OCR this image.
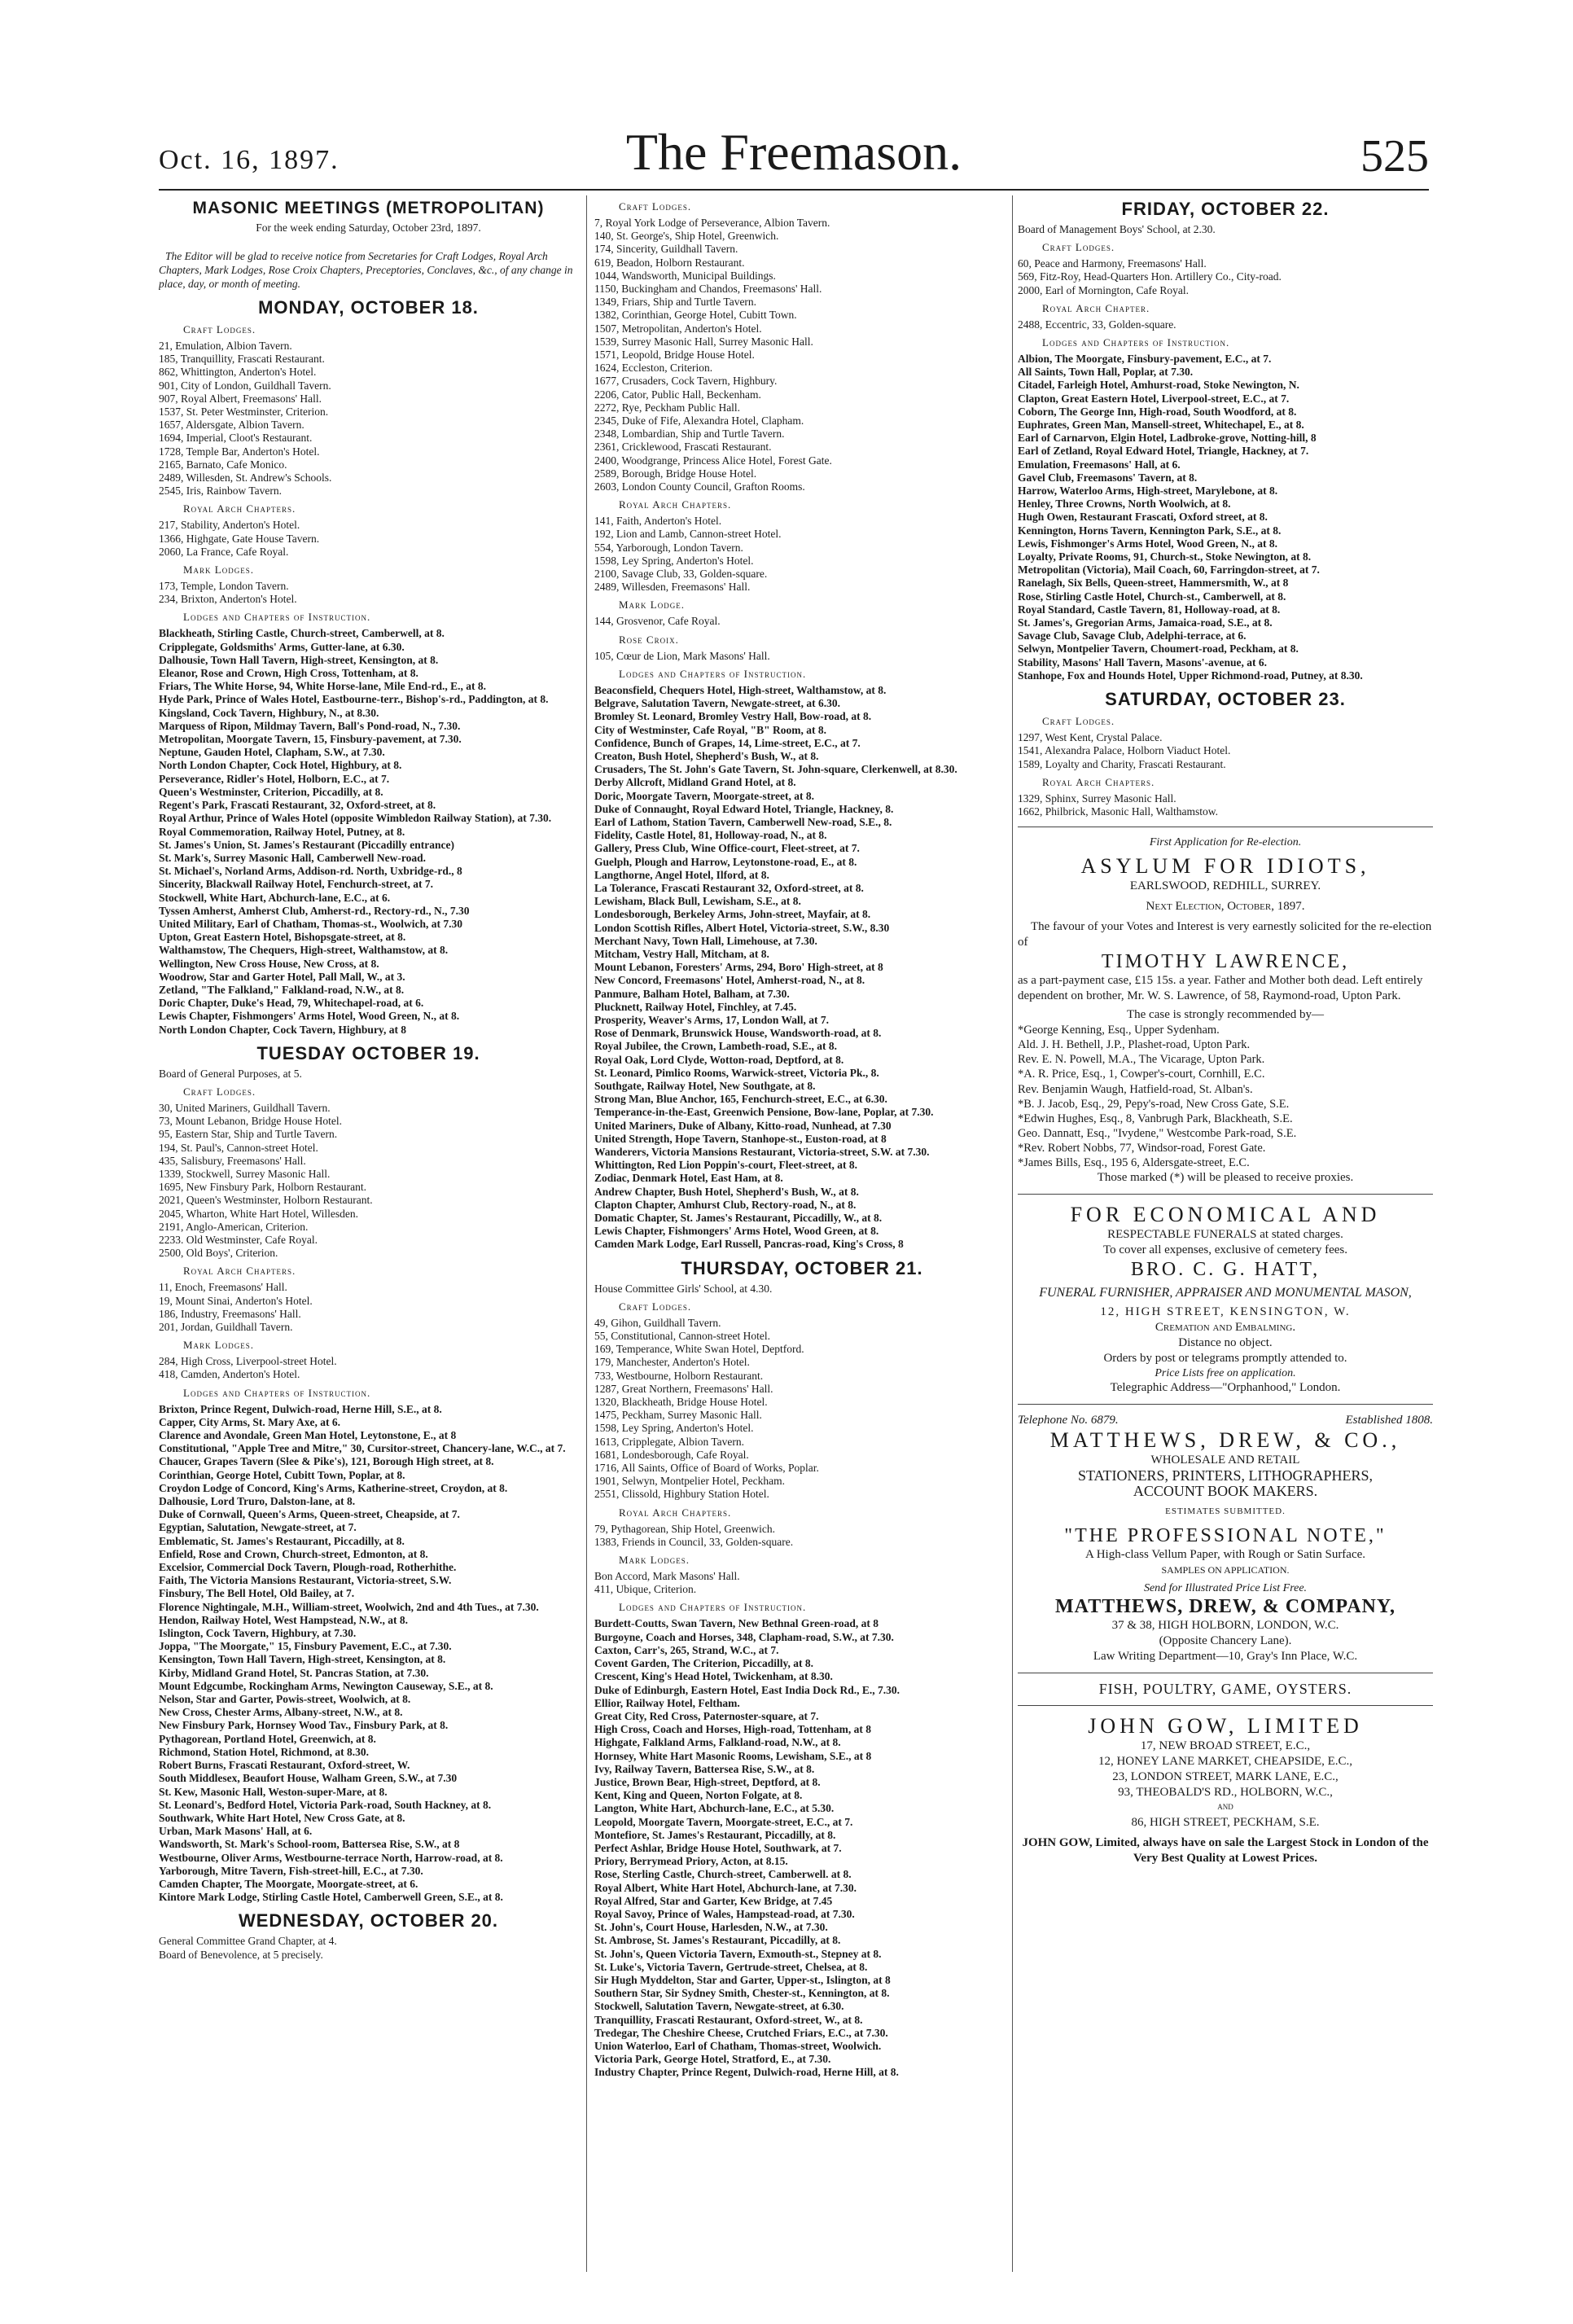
Oct. 16, 1897.	The Freemason.	525
MASONIC MEETINGS (METROPOLITAN)
For the week ending Saturday, October 23rd, 1897.
The Editor will be glad to receive notice from Secretaries for Craft Lodges, Royal Arch Chapters, Mark Lodges, Rose Croix Chapters, Preceptories, Conclaves, &c., of any change in place, day, or month of meeting.
MONDAY, OCTOBER 18.
Craft Lodges.
21, Emulation, Albion Tavern.
185, Tranquillity, Frascati Restaurant.
862, Whittington, Anderton's Hotel.
901, City of London, Guildhall Tavern.
907, Royal Albert, Freemasons' Hall.
1537, St. Peter Westminster, Criterion.
1657, Aldersgate, Albion Tavern.
1694, Imperial, Cloot's Restaurant.
1728, Temple Bar, Anderton's Hotel.
2165, Barnato, Cafe Monico.
2489, Willesden, St. Andrew's Schools.
2545, Iris, Rainbow Tavern.
Royal Arch Chapters.
217, Stability, Anderton's Hotel.
1366, Highgate, Gate House Tavern.
2060, La France, Cafe Royal.
Mark Lodges.
173, Temple, London Tavern.
234, Brixton, Anderton's Hotel.
Lodges and Chapters of Instruction.
Blackheath, Stirling Castle, Church-street, Camberwell, at 8.
Cripplegate, Goldsmiths' Arms, Gutter-lane, at 6.30.
Dalhousie, Town Hall Tavern, High-street, Kensington, at 8.
Eleanor, Rose and Crown, High Cross, Tottenham, at 8.
Friars, The White Horse, 94, White Horse-lane, Mile End-rd., E., at 8.
Hyde Park, Prince of Wales Hotel, Eastbourne-terr., Bishop's-rd., Paddington, at 8.
Kingsland, Cock Tavern, Highbury, N., at 8.30.
Marquess of Ripon, Mildmay Tavern, Ball's Pond-road, N., 7.30.
Metropolitan, Moorgate Tavern, 15, Finsbury-pavement, at 7.30.
Neptune, Gauden Hotel, Clapham, S.W., at 7.30.
North London Chapter, Cock Hotel, Highbury, at 8.
Perseverance, Ridler's Hotel, Holborn, E.C., at 7.
Queen's Westminster, Criterion, Piccadilly, at 8.
Regent's Park, Frascati Restaurant, 32, Oxford-street, at 8.
Royal Arthur, Prince of Wales Hotel (opposite Wimbledon Railway Station), at 7.30.
Royal Commemoration, Railway Hotel, Putney, at 8.
St. James's Union, St. James's Restaurant (Piccadilly entrance)
St. Mark's, Surrey Masonic Hall, Camberwell New-road.
St. Michael's, Norland Arms, Addison-rd. North, Uxbridge-rd., 8
Sincerity, Blackwall Railway Hotel, Fenchurch-street, at 7.
Stockwell, White Hart, Abchurch-lane, E.C., at 6.
Tyssen Amherst, Amherst Club, Amherst-rd., Rectory-rd., N., 7.30
United Military, Earl of Chatham, Thomas-st., Woolwich, at 7.30
Upton, Great Eastern Hotel, Bishopsgate-street, at 8.
Walthamstow, The Chequers, High-street, Walthamstow, at 8.
Wellington, New Cross House, New Cross, at 8.
Woodrow, Star and Garter Hotel, Pall Mall, W., at 3.
Zetland, "The Falkland," Falkland-road, N.W., at 8.
Doric Chapter, Duke's Head, 79, Whitechapel-road, at 6.
Lewis Chapter, Fishmongers' Arms Hotel, Wood Green, N., at 8.
North London Chapter, Cock Tavern, Highbury, at 8
TUESDAY OCTOBER 19.
Board of General Purposes, at 5.
Craft Lodges.
30, United Mariners, Guildhall Tavern.
73, Mount Lebanon, Bridge House Hotel.
95, Eastern Star, Ship and Turtle Tavern.
194, St. Paul's, Cannon-street Hotel.
435, Salisbury, Freemasons' Hall.
1339, Stockwell, Surrey Masonic Hall.
1695, New Finsbury Park, Holborn Restaurant.
2021, Queen's Westminster, Holborn Restaurant.
2045, Wharton, White Hart Hotel, Willesden.
2191, Anglo-American, Criterion.
2233. Old Westminster, Cafe Royal.
2500, Old Boys', Criterion.
Royal Arch Chapters.
11, Enoch, Freemasons' Hall.
19, Mount Sinai, Anderton's Hotel.
186, Industry, Freemasons' Hall.
201, Jordan, Guildhall Tavern.
Mark Lodges.
284, High Cross, Liverpool-street Hotel.
418, Camden, Anderton's Hotel.
Lodges and Chapters of Instruction.
Brixton, Prince Regent, Dulwich-road, Herne Hill, S.E., at 8.
Capper, City Arms, St. Mary Axe, at 6.
Clarence and Avondale, Green Man Hotel, Leytonstone, E., at 8
Constitutional, "Apple Tree and Mitre," 30, Cursitor-street, Chancery-lane, W.C., at 7.
Chaucer, Grapes Tavern (Slee & Pike's), 121, Borough High street, at 8.
Corinthian, George Hotel, Cubitt Town, Poplar, at 8.
Croydon Lodge of Concord, King's Arms, Katherine-street, Croydon, at 8.
Dalhousie, Lord Truro, Dalston-lane, at 8.
Duke of Cornwall, Queen's Arms, Queen-street, Cheapside, at 7.
Egyptian, Salutation, Newgate-street, at 7.
Emblematic, St. James's Restaurant, Piccadilly, at 8.
Enfield, Rose and Crown, Church-street, Edmonton, at 8.
Excelsior, Commercial Dock Tavern, Plough-road, Rotherhithe.
Faith, The Victoria Mansions Restaurant, Victoria-street, S.W.
Finsbury, The Bell Hotel, Old Bailey, at 7.
Florence Nightingale, M.H., William-street, Woolwich, 2nd and 4th Tues., at 7.30.
Hendon, Railway Hotel, West Hampstead, N.W., at 8.
Islington, Cock Tavern, Highbury, at 7.30.
Joppa, "The Moorgate," 15, Finsbury Pavement, E.C., at 7.30.
Kensington, Town Hall Tavern, High-street, Kensington, at 8.
Kirby, Midland Grand Hotel, St. Pancras Station, at 7.30.
Mount Edgcumbe, Rockingham Arms, Newington Causeway, S.E., at 8.
Nelson, Star and Garter, Powis-street, Woolwich, at 8.
New Cross, Chester Arms, Albany-street, N.W., at 8.
New Finsbury Park, Hornsey Wood Tav., Finsbury Park, at 8.
Pythagorean, Portland Hotel, Greenwich, at 8.
Richmond, Station Hotel, Richmond, at 8.30.
Robert Burns, Frascati Restaurant, Oxford-street, W.
South Middlesex, Beaufort House, Walham Green, S.W., at 7.30
St. Kew, Masonic Hall, Weston-super-Mare, at 8.
St. Leonard's, Bedford Hotel, Victoria Park-road, South Hackney, at 8.
Southwark, White Hart Hotel, New Cross Gate, at 8.
Urban, Mark Masons' Hall, at 6.
Wandsworth, St. Mark's School-room, Battersea Rise, S.W., at 8
Westbourne, Oliver Arms, Westbourne-terrace North, Harrow-road, at 8.
Yarborough, Mitre Tavern, Fish-street-hill, E.C., at 7.30.
Camden Chapter, The Moorgate, Moorgate-street, at 6.
Kintore Mark Lodge, Stirling Castle Hotel, Camberwell Green, S.E., at 8.
WEDNESDAY, OCTOBER 20.
General Committee Grand Chapter, at 4.
Board of Benevolence, at 5 precisely.
Craft Lodges.
7, Royal York Lodge of Perseverance, Albion Tavern.
140, St. George's, Ship Hotel, Greenwich.
174, Sincerity, Guildhall Tavern.
619, Beadon, Holborn Restaurant.
1044, Wandsworth, Municipal Buildings.
1150, Buckingham and Chandos, Freemasons' Hall.
1349, Friars, Ship and Turtle Tavern.
1382, Corinthian, George Hotel, Cubitt Town.
1507, Metropolitan, Anderton's Hotel.
1539, Surrey Masonic Hall, Surrey Masonic Hall.
1571, Leopold, Bridge House Hotel.
1624, Eccleston, Criterion.
1677, Crusaders, Cock Tavern, Highbury.
2206, Cator, Public Hall, Beckenham.
2272, Rye, Peckham Public Hall.
2345, Duke of Fife, Alexandra Hotel, Clapham.
2348, Lombardian, Ship and Turtle Tavern.
2361, Cricklewood, Frascati Restaurant.
2400, Woodgrange, Princess Alice Hotel, Forest Gate.
2589, Borough, Bridge House Hotel.
2603, London County Council, Grafton Rooms.
Royal Arch Chapters.
141, Faith, Anderton's Hotel.
192, Lion and Lamb, Cannon-street Hotel.
554, Yarborough, London Tavern.
1598, Ley Spring, Anderton's Hotel.
2100, Savage Club, 33, Golden-square.
2489, Willesden, Freemasons' Hall.
Mark Lodge.
144, Grosvenor, Cafe Royal.
Rose Croix.
105, Cœur de Lion, Mark Masons' Hall.
Lodges and Chapters of Instruction.
Beaconsfield, Chequers Hotel, High-street, Walthamstow, at 8.
Belgrave, Salutation Tavern, Newgate-street, at 6.30.
Bromley St. Leonard, Bromley Vestry Hall, Bow-road, at 8.
City of Westminster, Cafe Royal, "B" Room, at 8.
Confidence, Bunch of Grapes, 14, Lime-street, E.C., at 7.
Creaton, Bush Hotel, Shepherd's Bush, W., at 8.
Crusaders, The St. John's Gate Tavern, St. John-square, Clerkenwell, at 8.30.
Derby Allcroft, Midland Grand Hotel, at 8.
Doric, Moorgate Tavern, Moorgate-street, at 8.
Duke of Connaught, Royal Edward Hotel, Triangle, Hackney, 8.
Earl of Lathom, Station Tavern, Camberwell New-road, S.E., 8.
Fidelity, Castle Hotel, 81, Holloway-road, N., at 8.
Gallery, Press Club, Wine Office-court, Fleet-street, at 7.
Guelph, Plough and Harrow, Leytonstone-road, E., at 8.
Langthorne, Angel Hotel, Ilford, at 8.
La Tolerance, Frascati Restaurant 32, Oxford-street, at 8.
Lewisham, Black Bull, Lewisham, S.E., at 8.
Londesborough, Berkeley Arms, John-street, Mayfair, at 8.
London Scottish Rifles, Albert Hotel, Victoria-street, S.W., 8.30
Merchant Navy, Town Hall, Limehouse, at 7.30.
Mitcham, Vestry Hall, Mitcham, at 8.
Mount Lebanon, Foresters' Arms, 294, Boro' High-street, at 8
New Concord, Freemasons' Hotel, Amherst-road, N., at 8.
Panmure, Balham Hotel, Balham, at 7.30.
Plucknett, Railway Hotel, Finchley, at 7.45.
Prosperity, Weaver's Arms, 17, London Wall, at 7.
Rose of Denmark, Brunswick House, Wandsworth-road, at 8.
Royal Jubilee, the Crown, Lambeth-road, S.E., at 8.
Royal Oak, Lord Clyde, Wotton-road, Deptford, at 8.
St. Leonard, Pimlico Rooms, Warwick-street, Victoria Pk., 8.
Southgate, Railway Hotel, New Southgate, at 8.
Strong Man, Blue Anchor, 165, Fenchurch-street, E.C., at 6.30.
Temperance-in-the-East, Greenwich Pensione, Bow-lane, Poplar, at 7.30.
United Mariners, Duke of Albany, Kitto-road, Nunhead, at 7.30
United Strength, Hope Tavern, Stanhope-st., Euston-road, at 8
Wanderers, Victoria Mansions Restaurant, Victoria-street, S.W. at 7.30.
Whittington, Red Lion Poppin's-court, Fleet-street, at 8.
Zodiac, Denmark Hotel, East Ham, at 8.
Andrew Chapter, Bush Hotel, Shepherd's Bush, W., at 8.
Clapton Chapter, Amhurst Club, Rectory-road, N., at 8.
Domatic Chapter, St. James's Restaurant, Piccadilly, W., at 8.
Lewis Chapter, Fishmongers' Arms Hotel, Wood Green, at 8.
Camden Mark Lodge, Earl Russell, Pancras-road, King's Cross, 8
THURSDAY, OCTOBER 21.
House Committee Girls' School, at 4.30.
Craft Lodges.
49, Gihon, Guildhall Tavern.
55, Constitutional, Cannon-street Hotel.
169, Temperance, White Swan Hotel, Deptford.
179, Manchester, Anderton's Hotel.
733, Westbourne, Holborn Restaurant.
1287, Great Northern, Freemasons' Hall.
1320, Blackheath, Bridge House Hotel.
1475, Peckham, Surrey Masonic Hall.
1598, Ley Spring, Anderton's Hotel.
1613, Cripplegate, Albion Tavern.
1681, Londesborough, Cafe Royal.
1716, All Saints, Office of Board of Works, Poplar.
1901, Selwyn, Montpelier Hotel, Peckham.
2551, Clissold, Highbury Station Hotel.
Royal Arch Chapters.
79, Pythagorean, Ship Hotel, Greenwich.
1383, Friends in Council, 33, Golden-square.
Mark Lodges.
Bon Accord, Mark Masons' Hall.
411, Ubique, Criterion.
Lodges and Chapters of Instruction.
Burdett-Coutts, Swan Tavern, New Bethnal Green-road, at 8
Burgoyne, Coach and Horses, 348, Clapham-road, S.W., at 7.30.
Caxton, Carr's, 265, Strand, W.C., at 7.
Covent Garden, The Criterion, Piccadilly, at 8.
Crescent, King's Head Hotel, Twickenham, at 8.30.
Duke of Edinburgh, Eastern Hotel, East India Dock Rd., E., 7.30.
Ellior, Railway Hotel, Feltham.
Great City, Red Cross, Paternoster-square, at 7.
High Cross, Coach and Horses, High-road, Tottenham, at 8
Highgate, Falkland Arms, Falkland-road, N.W., at 8.
Hornsey, White Hart Masonic Rooms, Lewisham, S.E., at 8
Ivy, Railway Tavern, Battersea Rise, S.W., at 8.
Justice, Brown Bear, High-street, Deptford, at 8.
Kent, King and Queen, Norton Folgate, at 8.
Langton, White Hart, Abchurch-lane, E.C., at 5.30.
Leopold, Moorgate Tavern, Moorgate-street, E.C., at 7.
Montefiore, St. James's Restaurant, Piccadilly, at 8.
Perfect Ashlar, Bridge House Hotel, Southwark, at 7.
Priory, Berrymead Priory, Acton, at 8.15.
Rose, Sterling Castle, Church-street, Camberwell. at 8.
Royal Albert, White Hart Hotel, Abchurch-lane, at 7.30.
Royal Alfred, Star and Garter, Kew Bridge, at 7.45
Royal Savoy, Prince of Wales, Hampstead-road, at 7.30.
St. John's, Court House, Harlesden, N.W., at 7.30.
St. Ambrose, St. James's Restaurant, Piccadilly, at 8.
St. John's, Queen Victoria Tavern, Exmouth-st., Stepney at 8.
St. Luke's, Victoria Tavern, Gertrude-street, Chelsea, at 8.
Sir Hugh Myddelton, Star and Garter, Upper-st., Islington, at 8
Southern Star, Sir Sydney Smith, Chester-st., Kennington, at 8.
Stockwell, Salutation Tavern, Newgate-street, at 6.30.
Tranquillity, Frascati Restaurant, Oxford-street, W., at 8.
Tredegar, The Cheshire Cheese, Crutched Friars, E.C., at 7.30.
Union Waterloo, Earl of Chatham, Thomas-street, Woolwich.
Victoria Park, George Hotel, Stratford, E., at 7.30.
Industry Chapter, Prince Regent, Dulwich-road, Herne Hill, at 8.
FRIDAY, OCTOBER 22.
Board of Management Boys' School, at 2.30.
Craft Lodges.
60, Peace and Harmony, Freemasons' Hall.
569, Fitz-Roy, Head-Quarters Hon. Artillery Co., City-road.
2000, Earl of Mornington, Cafe Royal.
Royal Arch Chapter.
2488, Eccentric, 33, Golden-square.
Lodges and Chapters of Instruction.
Albion, The Moorgate, Finsbury-pavement, E.C., at 7.
All Saints, Town Hall, Poplar, at 7.30.
Citadel, Farleigh Hotel, Amhurst-road, Stoke Newington, N.
Clapton, Great Eastern Hotel, Liverpool-street, E.C., at 7.
Coborn, The George Inn, High-road, South Woodford, at 8.
Euphrates, Green Man, Mansell-street, Whitechapel, E., at 8.
Earl of Carnarvon, Elgin Hotel, Ladbroke-grove, Notting-hill, 8
Earl of Zetland, Royal Edward Hotel, Triangle, Hackney, at 7.
Emulation, Freemasons' Hall, at 6.
Gavel Club, Freemasons' Tavern, at 8.
Harrow, Waterloo Arms, High-street, Marylebone, at 8.
Henley, Three Crowns, North Woolwich, at 8.
Hugh Owen, Restaurant Frascati, Oxford street, at 8.
Kennington, Horns Tavern, Kennington Park, S.E., at 8.
Lewis, Fishmonger's Arms Hotel, Wood Green, N., at 8.
Loyalty, Private Rooms, 91, Church-st., Stoke Newington, at 8.
Metropolitan (Victoria), Mail Coach, 60, Farringdon-street, at 7.
Ranelagh, Six Bells, Queen-street, Hammersmith, W., at 8
Rose, Stirling Castle Hotel, Church-st., Camberwell, at 8.
Royal Standard, Castle Tavern, 81, Holloway-road, at 8.
St. James's, Gregorian Arms, Jamaica-road, S.E., at 8.
Savage Club, Savage Club, Adelphi-terrace, at 6.
Selwyn, Montpelier Tavern, Choumert-road, Peckham, at 8.
Stability, Masons' Hall Tavern, Masons'-avenue, at 6.
Stanhope, Fox and Hounds Hotel, Upper Richmond-road, Putney, at 8.30.
SATURDAY, OCTOBER 23.
Craft Lodges.
1297, West Kent, Crystal Palace.
1541, Alexandra Palace, Holborn Viaduct Hotel.
1589, Loyalty and Charity, Frascati Restaurant.
Royal Arch Chapters.
1329, Sphinx, Surrey Masonic Hall.
1662, Philbrick, Masonic Hall, Walthamstow.
First Application for Re-election.
ASYLUM FOR IDIOTS,
EARLSWOOD, REDHILL, SURREY.
Next Election, October, 1897.
The favour of your Votes and Interest is very earnestly solicited for the re-election of
TIMOTHY LAWRENCE,
as a part-payment case, £15 15s. a year. Father and Mother both dead. Left entirely dependent on brother, Mr. W. S. Lawrence, of 58, Raymond-road, Upton Park.
The case is strongly recommended by—
*George Kenning, Esq., Upper Sydenham.
Ald. J. H. Bethell, J.P., Plashet-road, Upton Park.
Rev. E. N. Powell, M.A., The Vicarage, Upton Park.
*A. R. Price, Esq., 1, Cowper's-court, Cornhill, E.C.
Rev. Benjamin Waugh, Hatfield-road, St. Alban's.
*B. J. Jacob, Esq., 29, Pepy's-road, New Cross Gate, S.E.
*Edwin Hughes, Esq., 8, Vanbrugh Park, Blackheath, S.E.
Geo. Dannatt, Esq., "Ivydene," Westcombe Park-road, S.E.
*Rev. Robert Nobbs, 77, Windsor-road, Forest Gate.
*James Bills, Esq., 195 6, Aldersgate-street, E.C.
Those marked (*) will be pleased to receive proxies.
FOR ECONOMICAL AND
RESPECTABLE FUNERALS at stated charges.
To cover all expenses, exclusive of cemetery fees.
BRO. C. G. HATT,
FUNERAL FURNISHER, APPRAISER AND MONUMENTAL MASON,
12, HIGH STREET, KENSINGTON, W.
Cremation and Embalming.
Distance no object.
Orders by post or telegrams promptly attended to.
Price Lists free on application.
Telegraphic Address—"Orphanhood," London.
Telephone No. 6879.	Established 1808.
MATTHEWS, DREW, & CO.,
WHOLESALE AND RETAIL
STATIONERS, PRINTERS, LITHOGRAPHERS,
ACCOUNT BOOK MAKERS.
ESTIMATES SUBMITTED.
"THE PROFESSIONAL NOTE,"
A High-class Vellum Paper, with Rough or Satin Surface.
SAMPLES ON APPLICATION.
Send for Illustrated Price List Free.
MATTHEWS, DREW, & COMPANY,
37 & 38, HIGH HOLBORN, LONDON, W.C.
(Opposite Chancery Lane).
Law Writing Department—10, Gray's Inn Place, W.C.
FISH, POULTRY, GAME, OYSTERS.
JOHN GOW, LIMITED
17, NEW BROAD STREET, E.C.,
12, HONEY LANE MARKET, CHEAPSIDE, E.C.,
23, LONDON STREET, MARK LANE, E.C.,
93, THEOBALD'S RD., HOLBORN, W.C.,
AND
86, HIGH STREET, PECKHAM, S.E.
JOHN GOW, Limited, always have on sale the Largest Stock in London of the Very Best Quality at Lowest Prices.
